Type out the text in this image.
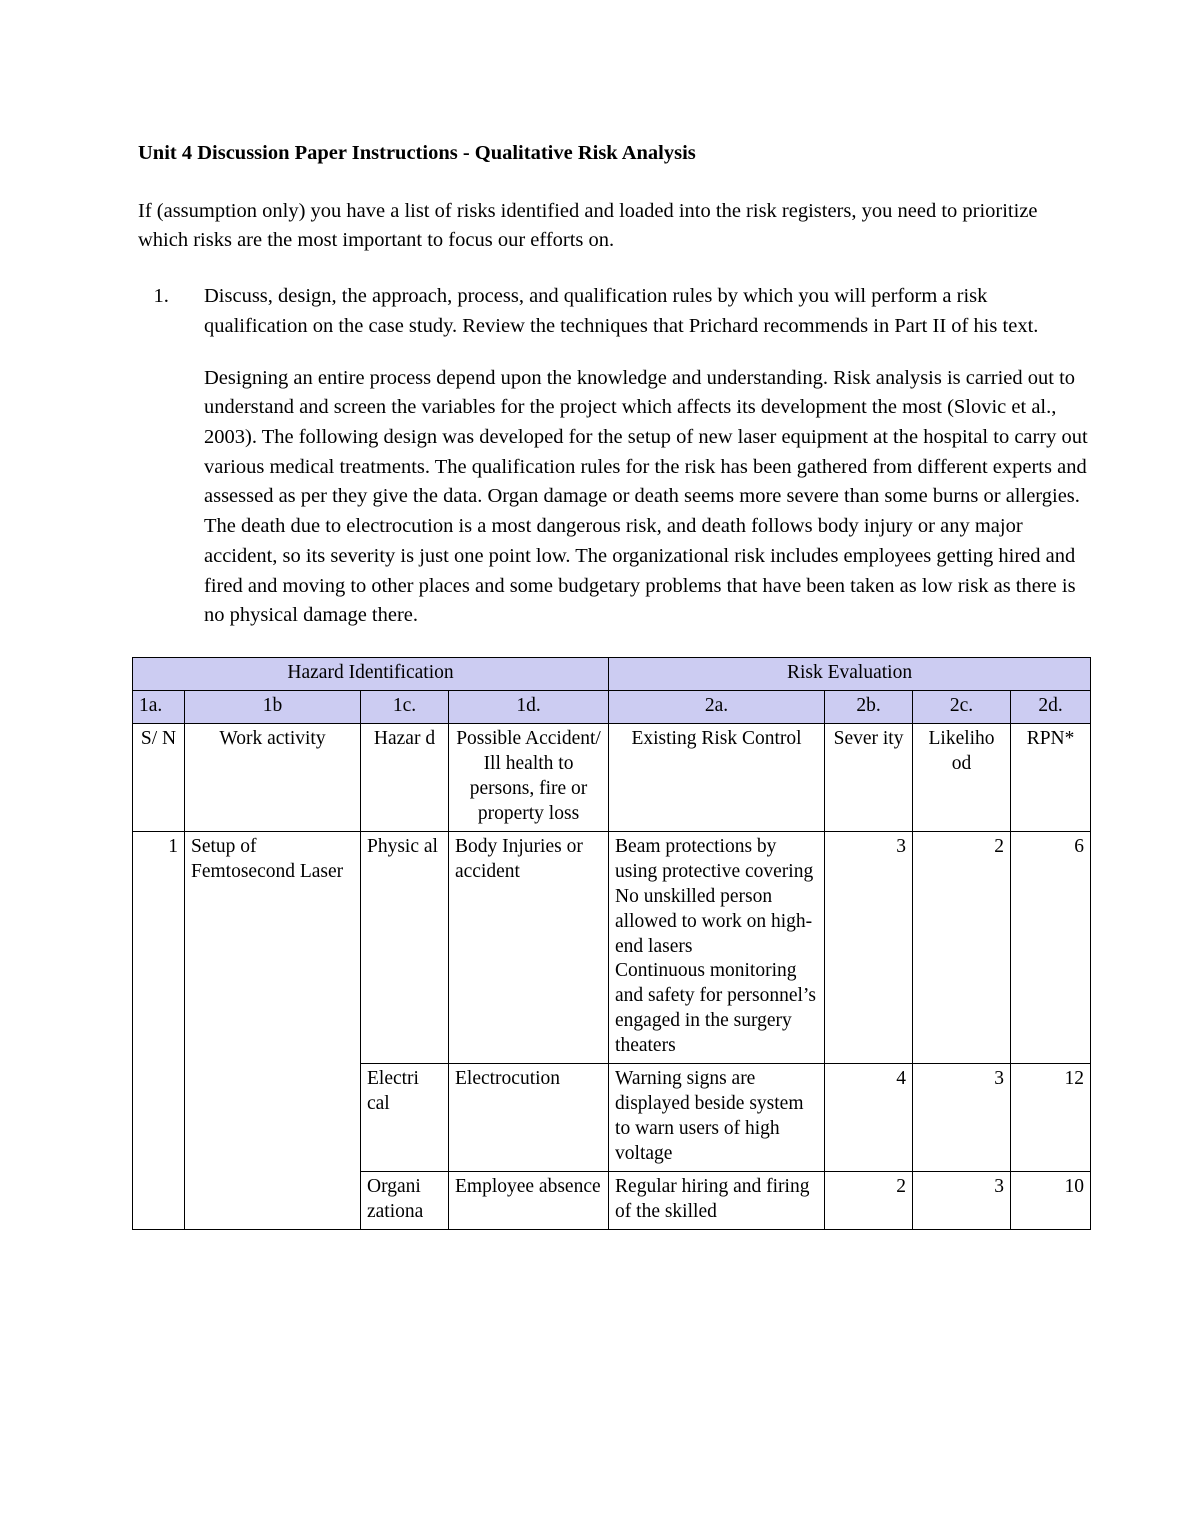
Unit 4 Discussion Paper Instructions - Qualitative Risk Analysis

If (assumption only) you have a list of risks identified and loaded into the risk registers, you need to prioritize which risks are the most important to focus our efforts on.

1. Discuss, design, the approach, process, and qualification rules by which you will perform a risk qualification on the case study. Review the techniques that Prichard recommends in Part II of his text.

Designing an entire process depend upon the knowledge and understanding. Risk analysis is carried out to understand and screen the variables for the project which affects its development the most (Slovic et al., 2003). The following design was developed for the setup of new laser equipment at the hospital to carry out various medical treatments. The qualification rules for the risk has been gathered from different experts and assessed as per they give the data. Organ damage or death seems more severe than some burns or allergies. The death due to electrocution is a most dangerous risk, and death follows body injury or any major accident, so its severity is just one point low. The organizational risk includes employees getting hired and fired and moving to other places and some budgetary problems that have been taken as low risk as there is no physical damage there.

Hazard Identification				Risk Evaluation			
1a.	1b	1c.	1d.	2a.	2b.	2c.	2d.
S/ N	Work activity	Hazar d	Possible Accident/ Ill health to persons, fire or property loss	Existing Risk Control	Sever ity	Likeliho od	RPN*
1	Setup of Femtosecond Laser	Physic al	Body Injuries or accident	Beam protections by using protective covering
No unskilled person allowed to work on high-end lasers
Continuous monitoring and safety for personnel’s engaged in the surgery theaters	3	2	6
		Electri cal	Electrocution	Warning signs are displayed beside system to warn users of high voltage	4	3	12
		Organi zationa	Employee absence	Regular hiring and firing of the skilled	2	3	10
